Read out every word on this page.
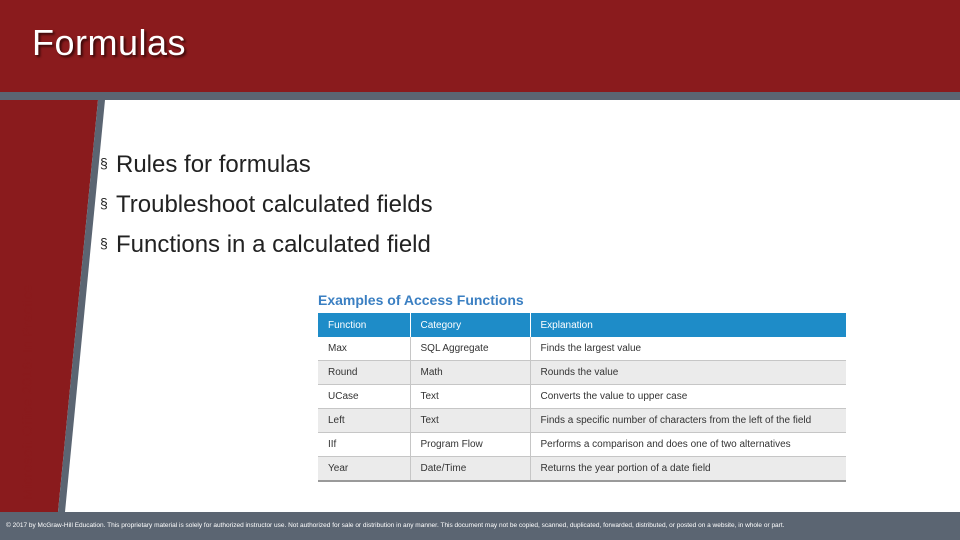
Formulas
Microsoft Office 2016: In Practice
§ Rules for formulas
§ Troubleshoot calculated fields
§ Functions in a calculated field
Examples of Access Functions
Function	Category	Explanation
Max	SQL Aggregate	Finds the largest value
Round	Math	Rounds the value
UCase	Text	Converts the value to upper case
Left	Text	Finds a specific number of characters from the left of the field
IIf	Program Flow	Performs a comparison and does one of two alternatives
Year	Date/Time	Returns the year portion of a date field

© 2017 by McGraw-Hill Education. This proprietary material is solely for authorized instructor use. Not authorized for sale or distribution in any manner. This document may not be copied, scanned, duplicated, forwarded, distributed, or posted on a website, in whole or part.
